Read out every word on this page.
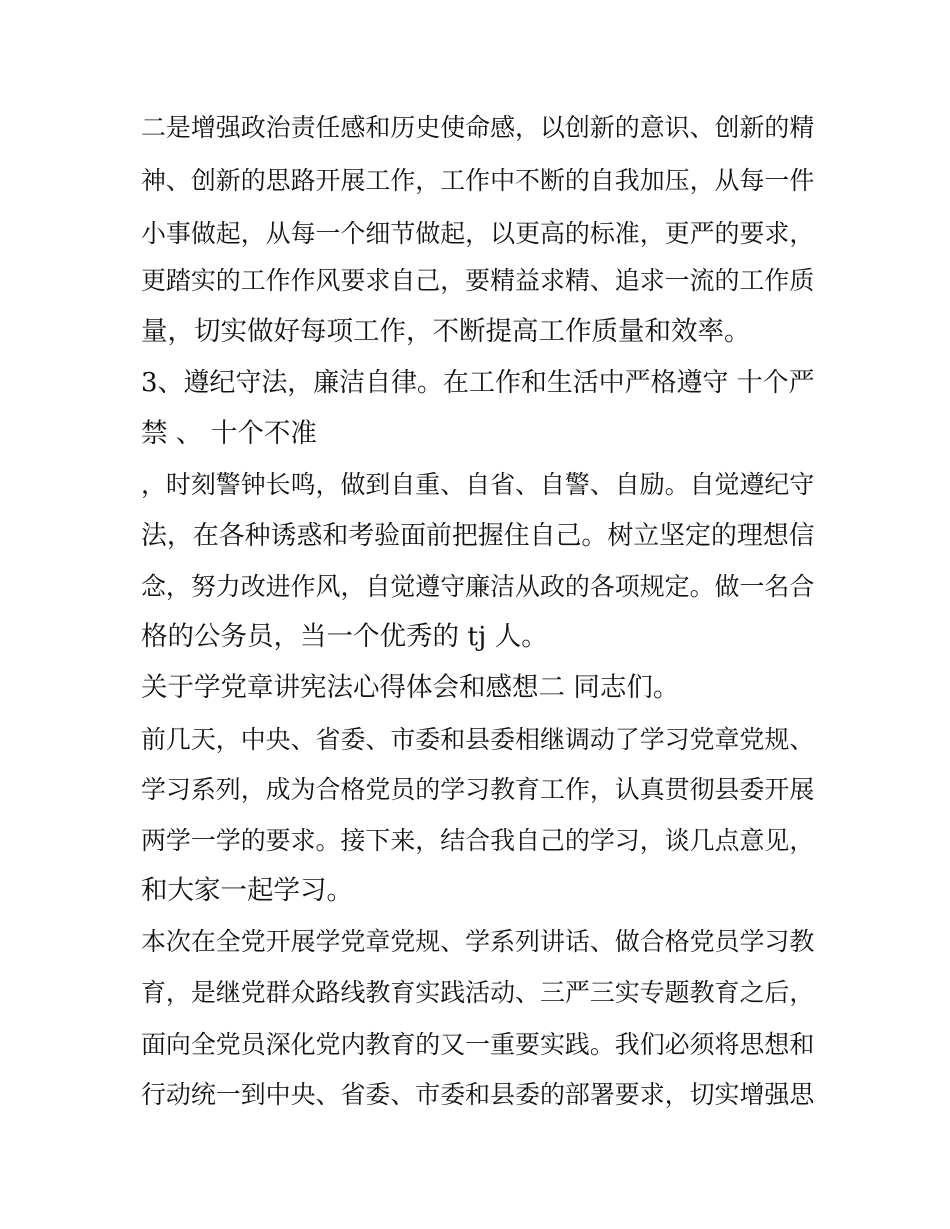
二是增强政治责任感和历史使命感，以创新的意识、创新的精
神、创新的思路开展工作，工作中不断的自我加压，从每一件
小事做起，从每一个细节做起，以更高的标准，更严的要求，
更踏实的工作作风要求自己，要精益求精、追求一流的工作质
量，切实做好每项工作，不断提高工作质量和效率。
3、遵纪守法，廉洁自律。在工作和生活中严格遵守 十个严
禁 、 十个不准
，时刻警钟长鸣，做到自重、自省、自警、自励。自觉遵纪守
法，在各种诱惑和考验面前把握住自己。树立坚定的理想信
念，努力改进作风，自觉遵守廉洁从政的各项规定。做一名合
格的公务员，当一个优秀的 tj 人。
关于学党章讲宪法心得体会和感想二 同志们。
前几天，中央、省委、市委和县委相继调动了学习党章党规、
学习系列，成为合格党员的学习教育工作，认真贯彻县委开展
两学一学的要求。接下来，结合我自己的学习，谈几点意见，
和大家一起学习。
本次在全党开展学党章党规、学系列讲话、做合格党员学习教
育，是继党群众路线教育实践活动、三严三实专题教育之后，
面向全党员深化党内教育的又一重要实践。我们必须将思想和
行动统一到中央、省委、市委和县委的部署要求，切实增强思
